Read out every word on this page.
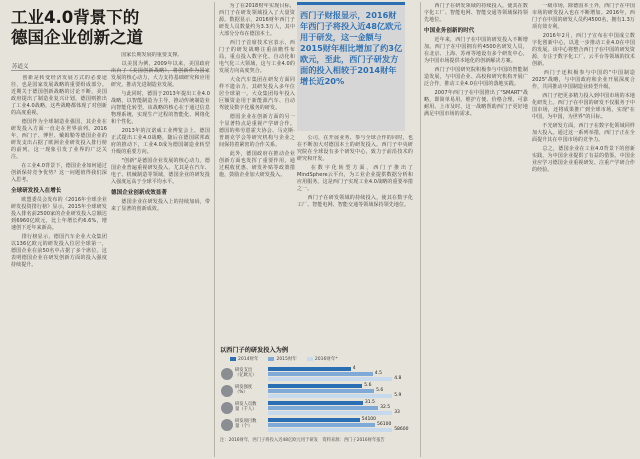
工业4.0背景下的
德国企业创新之道
苏道义

　　创新是转变经济发展方式的必要途径，也是国家发展战略的重要组成部分。近期关于德国创新战略的讨论不断，美国政府提出了制造业复兴计划，德国则推出了工业4.0战略，这些战略都体现了对创新的高度重视。

　　德国作为全球制造业强国，其企业在研发投入方面一直走在世界前列。2016年，西门子、博世、戴姆勒等德国企业的研发支出占据了欧洲企业研发投入排行榜的前列，这一现象引发了业界的广泛关注。

　　在工业4.0背景下，德国企业如何通过创新保持竞争优势？这一问题值得我们深入思考。

全球研发投入在增长

　　欧盟委员会发布的《2016年全球企业研发投资排行榜》显示，2015年全球研发投入排名前2500家的企业研发投入总额达到6960亿欧元，比上年增长约6.6%，增速创下近年来新高。

　　排行榜显示，德国汽车企业大众集团以136亿欧元的研发投入位居全球第一，德国企业在前50名中占据了多个席位。这表明德国企业在研发创新方面的投入强度持续提升。

　　国家长期发展的重要支撑。

　　以美国为例，2009年以来，美国政府出台了《美国创新战略》，将创新作为国家发展的核心动力，大力支持基础研究和应用研究，推动先进制造业发展。

　　与此同时，德国于2013年提出工业4.0战略，以智能制造为主导，推动传统制造业向智能化转型。该战略的核心在于通过信息物理系统，实现生产过程的智能化、网络化和个性化。

　　2013年的汉诺威工业博览会上，德国正式提出工业4.0战略，随后在德国联邦政府的推动下，工业4.0成为德国制造业转型升级的重要方向。

　　"创新"是德国企业发展的核心动力。德国企业普遍重视研发投入，尤其是在汽车、电子、机械制造等领域，德国企业的研发投入强度远高于全球平均水平。

德国企业创新成效显著

　　德国企业在研发投入上的持续加码，带来了显著的创新成效。

　　为了在2018财年实现目标，西门子在研发领域投入了大量资源。数据显示，2016财年西门子研发人员数量约为3.3万人，其中大部分分布在德国本土。

　　西门子首席技术官表示，西门子的研发战略注重前瞻性布局，重点投入数字化、自动化和电气化三大领域，这与工业4.0的发展方向高度契合。

　　大众汽车集团在研发方面同样不遗余力，其研发投入多年位居全球第一。大众集团每年投入巨额资金用于新能源汽车、自动驾驶及数字化服务的研发。

　　德国企业在创新方面的另一个显著特点是重视产学研合作。德国的弗劳恩霍夫协会、马克斯·普朗克学会等研究机构与企业之间保持着紧密的合作关系。

　　此外，德国政府在推动企业创新方面也发挥了重要作用，通过税收优惠、研发补贴等政策措施，鼓励企业加大研发投入。

西门子财报显示，2016财年西门子将投入近48亿欧元用于研发，这一金额与2015财年相比增加了约3亿欧元，至此，西门子研发方面的投入相较于2014财年增长近20%

　　公司，在开展业务、参与全球合作的同时，也在不断加大对德国本土的研发投入。西门子中央研究院在全球设有多个研发中心，致力于前沿技术的研究和开发。

　　在数字化转型方面，西门子推出了MindSphere云平台，为工业企业提供数据分析和应用服务。这是西门子实现工业4.0战略的重要举措之一。

　　西门子在研发领域的持续投入，使其在数字化工厂、智能电网、智能交通等领域保持领先地位。

　　西门子在研发领域的持续投入，使其在数字化工厂、智能电网、智能交通等领域保持领先地位。

中国业务创新的时代

　　近年来，西门子在中国的研发投入不断增加。西门子在中国拥有约4500名研发人员，在北京、上海、苏州等地设有多个研发中心，为中国市场提供本地化的创新解决方案。

　　西门子中国研究院积极参与中国的智能制造发展，与中国企业、高校和研究机构开展广泛合作，推动工业4.0在中国的落地实践。

　　2007年西门子在中国推出了"SMART"战略，即简单易用、维护方便、价格合理、可靠耐用、上市及时，这一战略帮助西门子更好地满足中国市场的需求。

　　一级市场，除德国本土外，西门子在中国市场的研发投入也在不断增加。2016年，西门子在中国的研发人员约4500名，拥有1.3万项有效专利。

　　2016年2月，西门子宣布在中国成立数字化创新中心，以进一步推动工业4.0在中国的发展。该中心将整合西门子在中国的研发资源，专注于数字化工厂、云平台等领域的技术创新。

　　西门子还积极参与中国的"中国制造2025"战略，与中国政府和企业开展深度合作，共同推动中国制造业转型升级。

　　西门子把更多精力投入到中国市场的本地化研发上。西门子在中国的研发不仅服务于中国市场，还将成果推广到全球市场，实现"在中国，为中国，为世界"的目标。

　　不光研发方面，西门子在数字化领域同样加大投入。通过这一系列举措，西门子正在全面提升其在中国市场的竞争力。

　　总之，德国企业在工业4.0背景下的创新实践，为中国企业提供了有益的借鉴。中国企业应学习德国企业重视研发、注重产学研合作的经验。

以西门子的研发投入为例
2014财年	2015财年	2016财年*
研发支出（亿欧元）
4
4.5
4.8
研发强度（%）
5.6
5.6
5.9
研发人员数量（千人）
31.5
32.5
33
研发项目数量（个）
54100
56100
58600
注：2016财年，西门子将投入近48亿欧元用于研发　资料来源：西门子2016财年报告
